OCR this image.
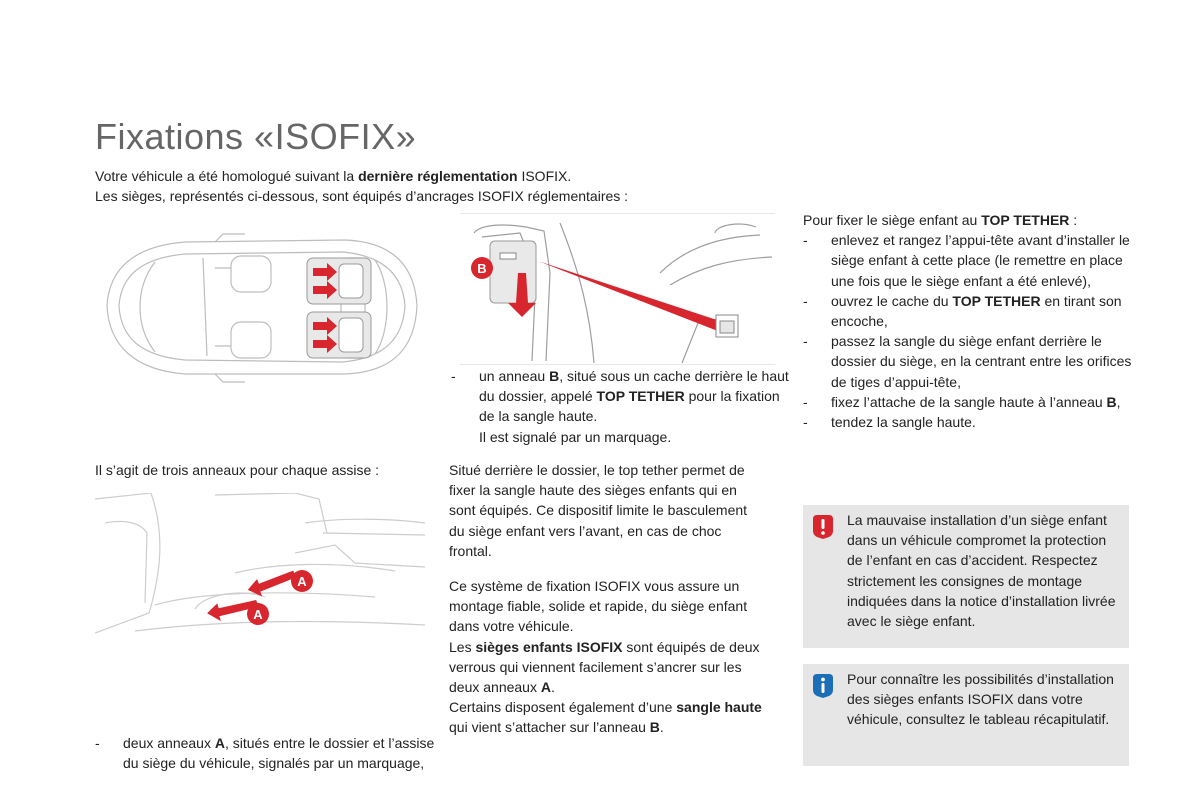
Fixations «ISOFIX»
Votre véhicule a été homologué suivant la dernière réglementation ISOFIX.
Les sièges, représentés ci-dessous, sont équipés d’ancrages ISOFIX réglementaires :
B
- un anneau B, situé sous un cache derrière le haut du dossier, appelé TOP TETHER pour la fixation de la sangle haute.
Il est signalé par un marquage.
Il s’agit de trois anneaux pour chaque assise :
A
A
- deux anneaux A, situés entre le dossier et l’assise du siège du véhicule, signalés par un marquage,
Situé derrière le dossier, le top tether permet de fixer la sangle haute des sièges enfants qui en sont équipés. Ce dispositif limite le basculement du siège enfant vers l’avant, en cas de choc frontal.
Ce système de fixation ISOFIX vous assure un montage fiable, solide et rapide, du siège enfant dans votre véhicule.
Les sièges enfants ISOFIX sont équipés de deux verrous qui viennent facilement s’ancrer sur les deux anneaux A.
Certains disposent également d’une sangle haute qui vient s’attacher sur l’anneau B.
Pour fixer le siège enfant au TOP TETHER :
- enlevez et rangez l’appui-tête avant d’installer le siège enfant à cette place (le remettre en place une fois que le siège enfant a été enlevé),
- ouvrez le cache du TOP TETHER en tirant son encoche,
- passez la sangle du siège enfant derrière le dossier du siège, en la centrant entre les orifices de tiges d’appui-tête,
- fixez l’attache de la sangle haute à l’anneau B,
- tendez la sangle haute.
La mauvaise installation d’un siège enfant dans un véhicule compromet la protection de l’enfant en cas d’accident. Respectez strictement les consignes de montage indiquées dans la notice d’installation livrée avec le siège enfant.
Pour connaître les possibilités d’installation des sièges enfants ISOFIX dans votre véhicule, consultez le tableau récapitulatif.
